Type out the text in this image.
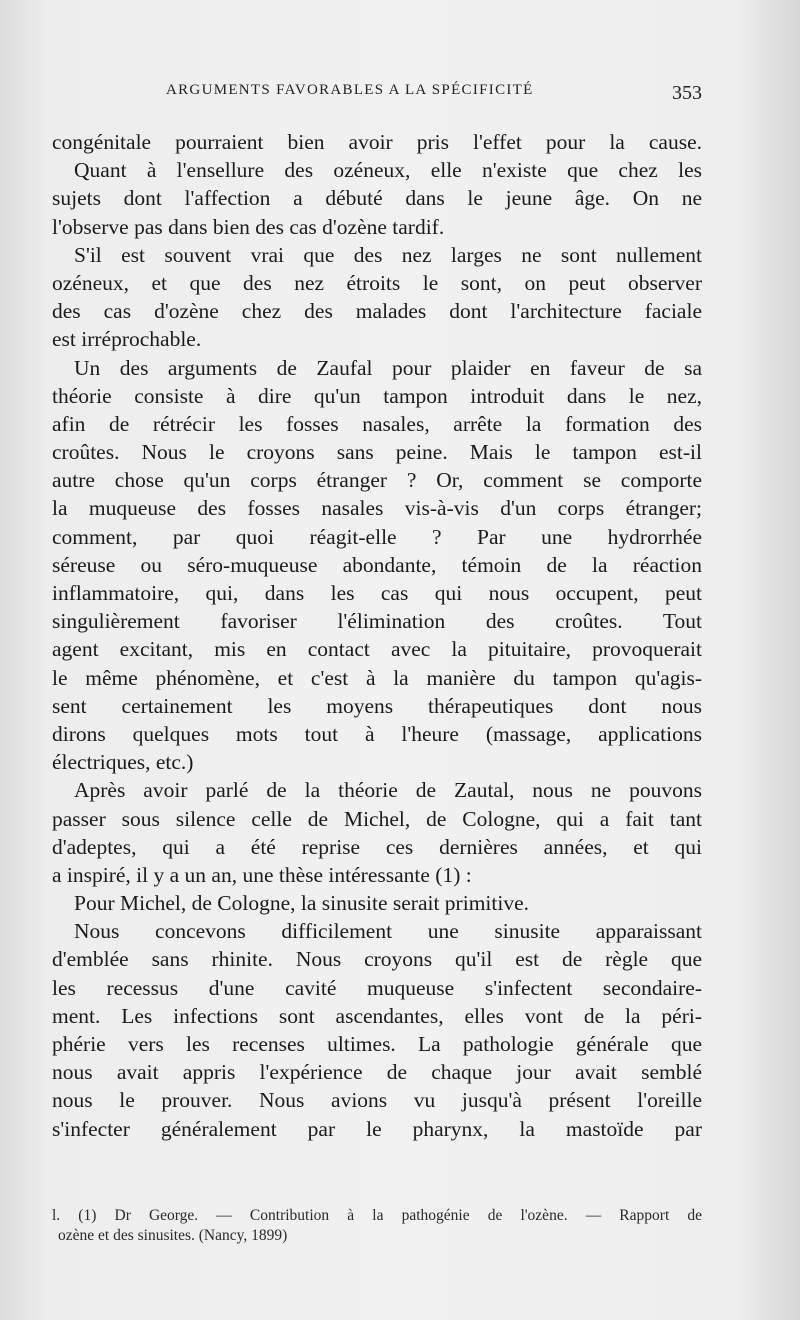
ARGUMENTS FAVORABLES A LA SPÉCIFICITÉ	353
congénitale pourraient bien avoir pris l'effet pour la cause.
Quant à l'ensellure des ozéneux, elle n'existe que chez les
sujets dont l'affection a débuté dans le jeune âge. On ne
l'observe pas dans bien des cas d'ozène tardif.
S'il est souvent vrai que des nez larges ne sont nullement
ozéneux, et que des nez étroits le sont, on peut observer
des cas d'ozène chez des malades dont l'architecture faciale
est irréprochable.
Un des arguments de Zaufal pour plaider en faveur de sa
théorie consiste à dire qu'un tampon introduit dans le nez,
afin de rétrécir les fosses nasales, arrête la formation des
croûtes. Nous le croyons sans peine. Mais le tampon est-il
autre chose qu'un corps étranger ? Or, comment se comporte
la muqueuse des fosses nasales vis-à-vis d'un corps étranger;
comment, par quoi réagit-elle ? Par une hydrorrhée
séreuse ou séro-muqueuse abondante, témoin de la réaction
inflammatoire, qui, dans les cas qui nous occupent, peut
singulièrement favoriser l'élimination des croûtes. Tout
agent excitant, mis en contact avec la pituitaire, provoquerait
le même phénomène, et c'est à la manière du tampon qu'agis-
sent certainement les moyens thérapeutiques dont nous
dirons quelques mots tout à l'heure (massage, applications
électriques, etc.)
Après avoir parlé de la théorie de Zautal, nous ne pouvons
passer sous silence celle de Michel, de Cologne, qui a fait tant
d'adeptes, qui a été reprise ces dernières années, et qui
a inspiré, il y a un an, une thèse intéressante (1) :
Pour Michel, de Cologne, la sinusite serait primitive.
Nous concevons difficilement une sinusite apparaissant
d'emblée sans rhinite. Nous croyons qu'il est de règle que
les recessus d'une cavité muqueuse s'infectent secondaire-
ment. Les infections sont ascendantes, elles vont de la péri-
phérie vers les recenses ultimes. La pathologie générale que
nous avait appris l'expérience de chaque jour avait semblé
nous le prouver. Nous avions vu jusqu'à présent l'oreille
s'infecter généralement par le pharynx, la mastoïde par
l. (1) Dr George. — Contribution à la pathogénie de l'ozène. — Rapport de
ozène et des sinusites. (Nancy, 1899)
